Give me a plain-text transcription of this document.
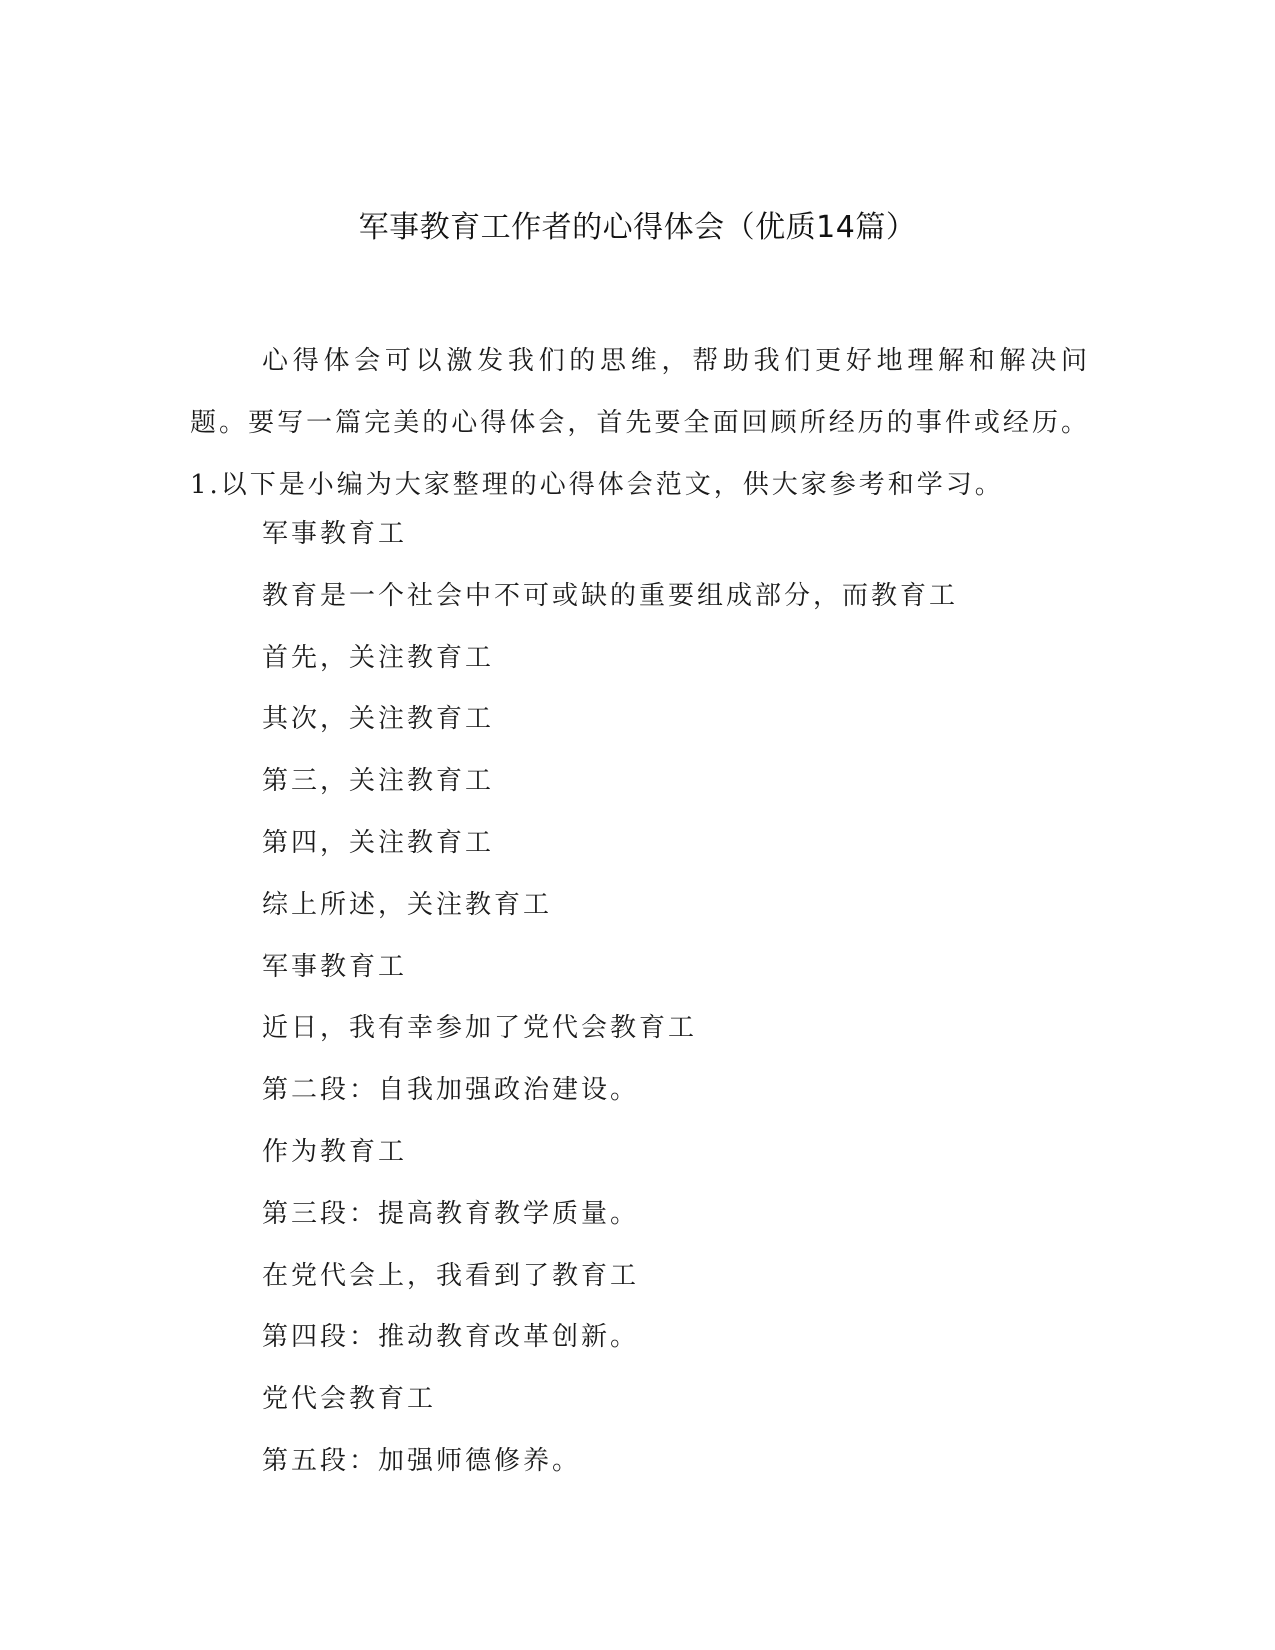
军事教育工作者的心得体会（优质14篇）

心得体会可以激发我们的思维，帮助我们更好地理解和解决问题。要写一篇完美的心得体会，首先要全面回顾所经历的事件或经历。1.以下是小编为大家整理的心得体会范文，供大家参考和学习。

军事教育工
教育是一个社会中不可或缺的重要组成部分，而教育工
首先，关注教育工
其次，关注教育工
第三，关注教育工
第四，关注教育工
综上所述，关注教育工
军事教育工
近日，我有幸参加了党代会教育工
第二段：自我加强政治建设。
作为教育工
第三段：提高教育教学质量。
在党代会上，我看到了教育工
第四段：推动教育改革创新。
党代会教育工
第五段：加强师德修养。
